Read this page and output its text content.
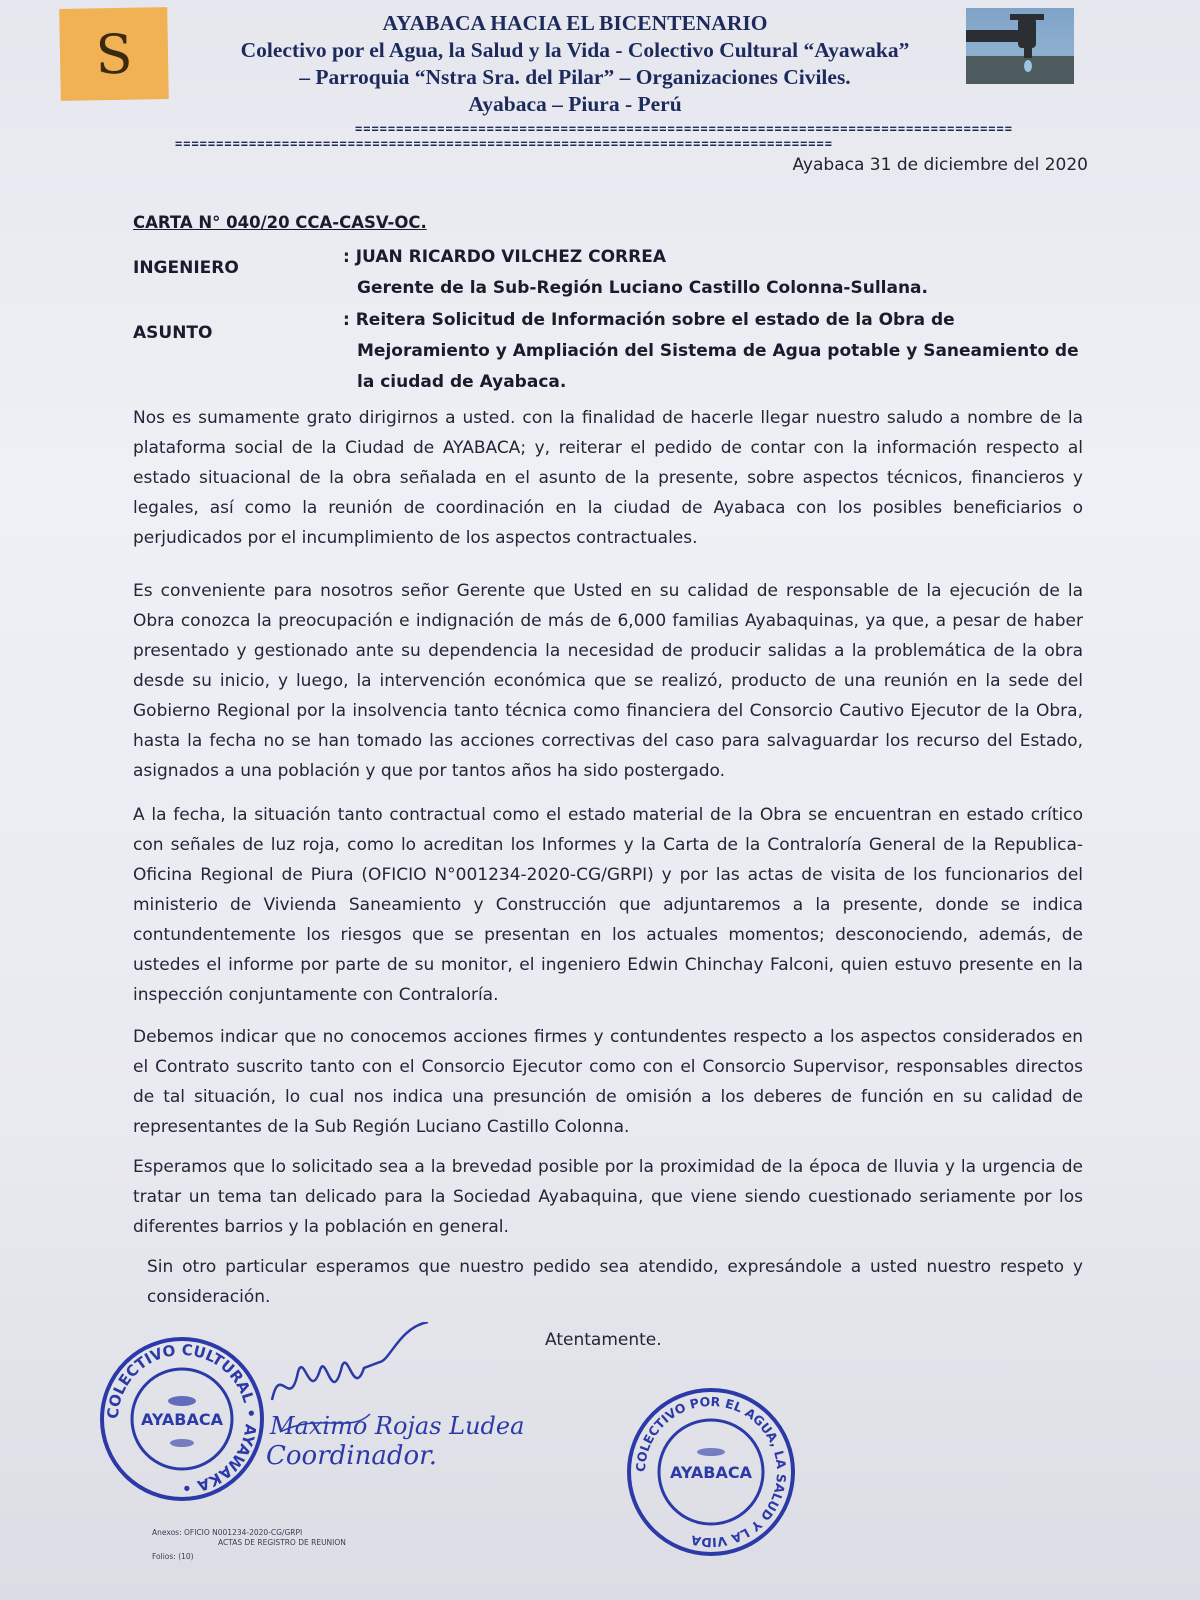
S	AYABACA HACIA EL BICENTENARIO
Colectivo por el Agua, la Salud y la Vida - Colectivo Cultural “Ayawaka”
– Parroquia “Nstra Sra. del Pilar” – Organizaciones Civiles.
Ayabaca – Piura - Perú
================================================================================
================================================================================
Ayabaca 31 de diciembre del 2020
CARTA N° 040/20 CCA-CASV-OC.
INGENIERO
: JUAN RICARDO VILCHEZ CORREA
Gerente de la Sub-Región Luciano Castillo Colonna-Sullana.
ASUNTO
: Reitera Solicitud de Información sobre el estado de la Obra de
Mejoramiento y Ampliación del Sistema de Agua potable y Saneamiento de
la ciudad de Ayabaca.
Nos es sumamente grato dirigirnos a usted. con la finalidad de hacerle llegar nuestro saludo a nombre de la plataforma social de la Ciudad de AYABACA; y, reiterar el pedido de contar con la información respecto al estado situacional de la obra señalada en el asunto de la presente, sobre aspectos técnicos, financieros y legales, así como la reunión de coordinación en la ciudad de Ayabaca con los posibles beneficiarios o perjudicados por el incumplimiento de los aspectos contractuales.
Es conveniente para nosotros señor Gerente que Usted en su calidad de responsable de la ejecución de la Obra conozca la preocupación e indignación de más de 6,000 familias Ayabaquinas, ya que, a pesar de haber presentado y gestionado ante su dependencia la necesidad de producir salidas a la problemática de la obra desde su inicio, y luego, la intervención económica que se realizó, producto de una reunión en la sede del Gobierno Regional por la insolvencia tanto técnica como financiera del Consorcio Cautivo Ejecutor de la Obra, hasta la fecha no se han tomado las acciones correctivas del caso para salvaguardar los recurso del Estado, asignados a una población y que por tantos años ha sido postergado.
A la fecha, la situación tanto contractual como el estado material de la Obra se encuentran en estado crítico con señales de luz roja, como lo acreditan los Informes y la Carta de la Contraloría General de la Republica- Oficina Regional de Piura (OFICIO N°001234-2020-CG/GRPI) y por las actas de visita de los funcionarios del ministerio de Vivienda Saneamiento y Construcción que adjuntaremos a la presente, donde se indica contundentemente los riesgos que se presentan en los actuales momentos; desconociendo, además, de ustedes el informe por parte de su monitor, el ingeniero Edwin Chinchay Falconi, quien estuvo presente en la inspección conjuntamente con Contraloría.
Debemos indicar que no conocemos acciones firmes y contundentes respecto a los aspectos considerados en el Contrato suscrito tanto con el Consorcio Ejecutor como con el Consorcio Supervisor, responsables directos de tal situación, lo cual nos indica una presunción de omisión a los deberes de función en su calidad de representantes de la Sub Región Luciano Castillo Colonna.
Esperamos que lo solicitado sea a la brevedad posible por la proximidad de la época de lluvia y la urgencia de tratar un tema tan delicado para la Sociedad Ayabaquina, que viene siendo cuestionado seriamente por los diferentes barrios y la población en general.
Sin otro particular esperamos que nuestro pedido sea atendido, expresándole a usted nuestro respeto y consideración.
Atentamente.
COLECTIVO CULTURAL • AYAWAKA •
AYABACA Maximo Rojas Ludea
Coordinador.	COLECTIVO POR EL AGUA, LA SALUD Y LA VIDA
AYABACA
Anexos: OFICIO N001234-2020-CG/GRPI
ACTAS DE REGISTRO DE REUNION
Folios: (10)
